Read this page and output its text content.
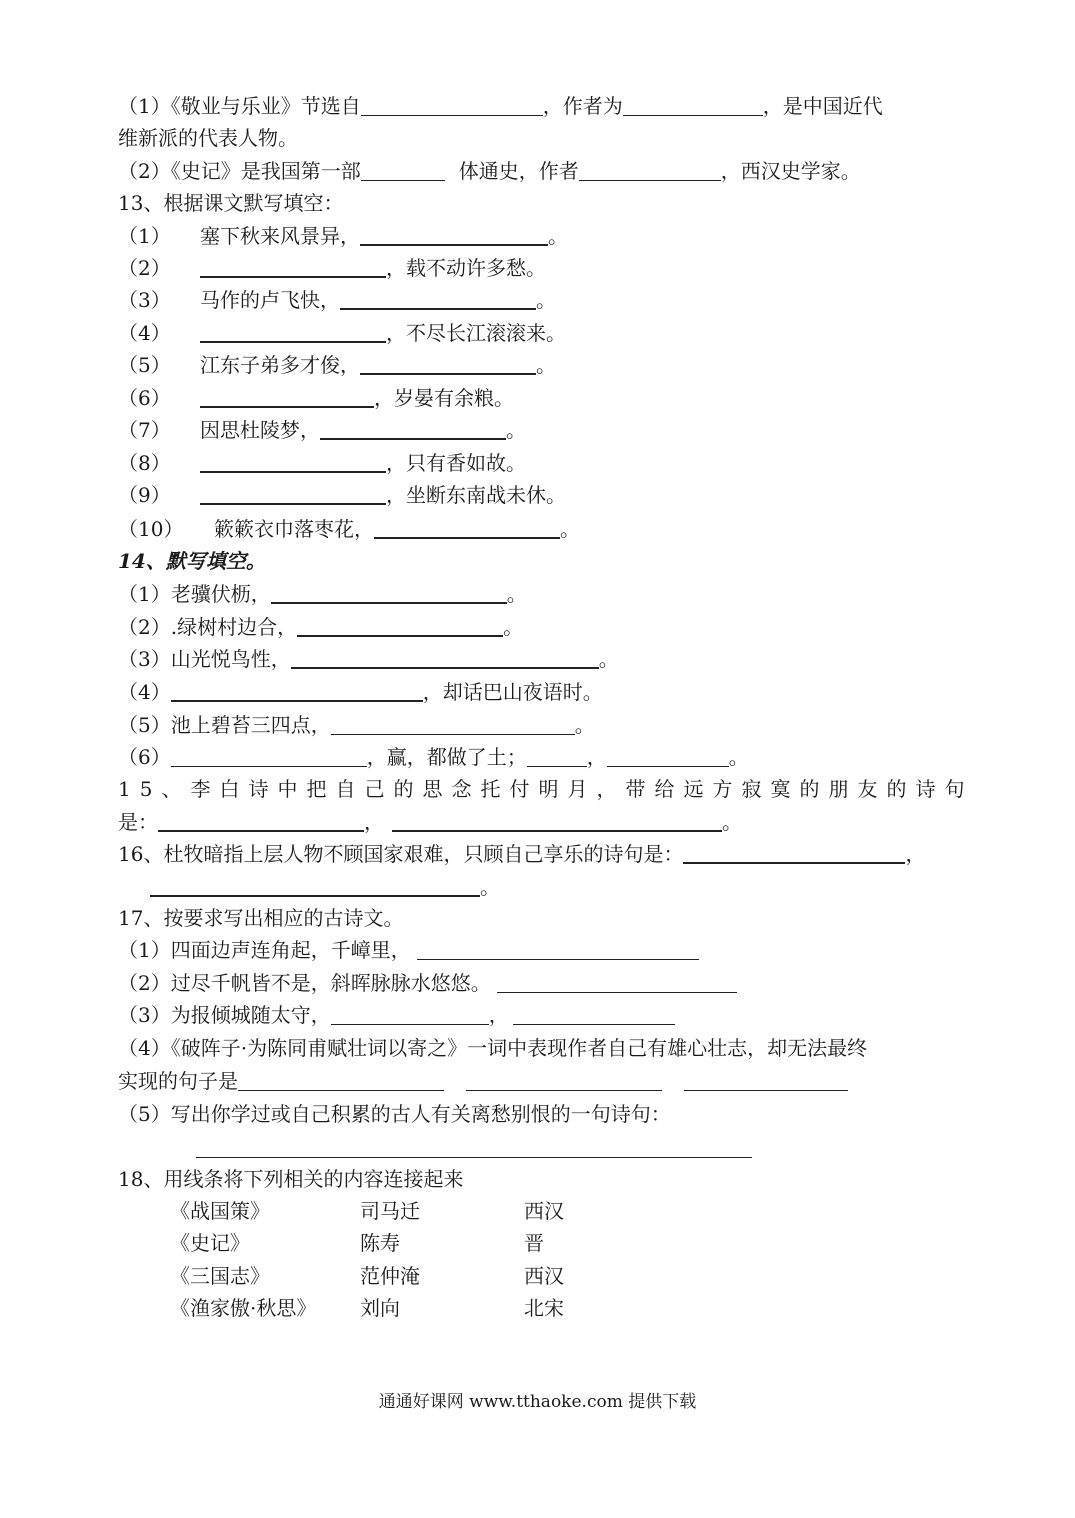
（1）《敬业与乐业》节选自	，作者为	，是中国近代
维新派的代表人物。
（2）《史记》是我国第一部	体通史，作者	，西汉史学家。
13、根据课文默写填空：
（1） 塞下秋来风景异，	。
（2）	，载不动许多愁。
（3） 马作的卢飞快，	。
（4）	，不尽长江滚滚来。
（5） 江东子弟多才俊，	。
（6）	，岁晏有余粮。
（7） 因思杜陵梦，	。
（8）	，只有香如故。
（9）	，坐断东南战未休。
（10） 簌簌衣巾落枣花，	。
14、默写填空。
（1）老骥伏枥，	。
（2）.绿树村边合，	。
（3）山光悦鸟性，	。
（4）	，却话巴山夜语时。
（5）池上碧苔三四点，	。
（6）	，赢，都做了土；	，	。
15、李白诗中把自己的思念托付明月，带给远方寂寞的朋友的诗句
是：	，	。
16、杜牧暗指上层人物不顾国家艰难，只顾自己享乐的诗句是：	，
。
17、按要求写出相应的古诗文。
（1）四面边声连角起，千嶂里，
（2）过尽千帆皆不是，斜晖脉脉水悠悠。
（3）为报倾城随太守，	，
（4）《破阵子·为陈同甫赋壮词以寄之》一词中表现作者自己有雄心壮志，却无法最终
实现的句子是
（5）写出你学过或自己积累的古人有关离愁别恨的一句诗句：
18、用线条将下列相关的内容连接起来
《战国策》	司马迁	西汉
《史记》	陈寿	晋
《三国志》	范仲淹	西汉
《渔家傲·秋思》 刘向	北宋
通通好课网 www.tthaoke.com 提供下载
